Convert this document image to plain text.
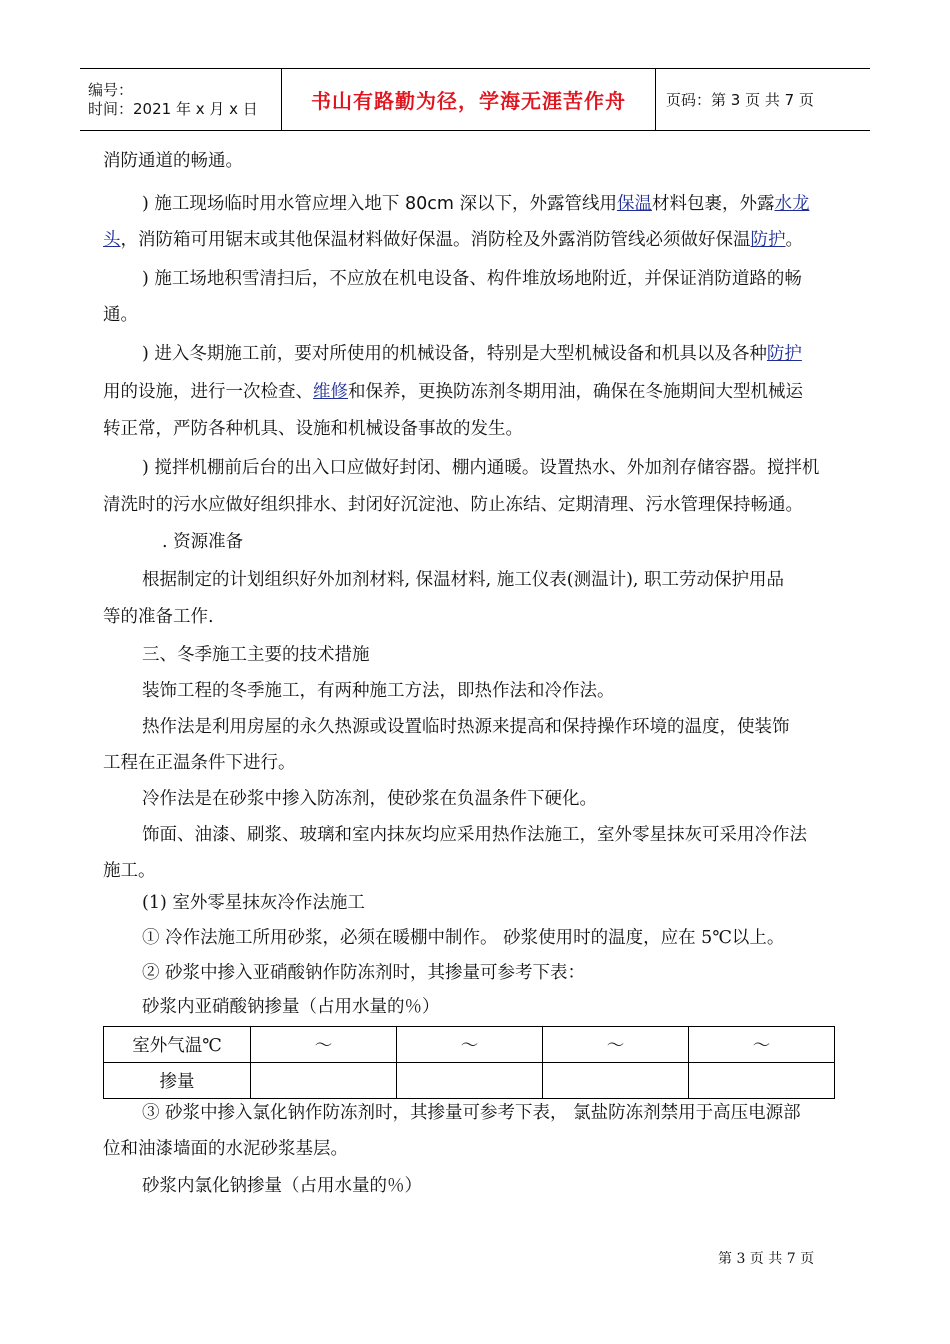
编号：
时间：2021 年 x 月 x 日	书山有路勤为径，学海无涯苦作舟	页码：第 3 页 共 7 页
消防通道的畅通。
) 施工现场临时用水管应埋入地下 80cm 深以下，外露管线用保温材料包裹，外露水龙
头，消防箱可用锯末或其他保温材料做好保温。消防栓及外露消防管线必须做好保温防护。
) 施工场地积雪清扫后，不应放在机电设备、构件堆放场地附近，并保证消防道路的畅
通。
) 进入冬期施工前，要对所使用的机械设备，特别是大型机械设备和机具以及各种防护
用的设施，进行一次检查、维修和保养，更换防冻剂冬期用油，确保在冬施期间大型机械运
转正常，严防各种机具、设施和机械设备事故的发生。
) 搅拌机棚前后台的出入口应做好封闭、棚内通暖。设置热水、外加剂存储容器。搅拌机
清洗时的污水应做好组织排水、封闭好沉淀池、防止冻结、定期清理、污水管理保持畅通。
. 资源准备
根据制定的计划组织好外加剂材料, 保温材料, 施工仪表(测温计), 职工劳动保护用品
等的准备工作.
三、冬季施工主要的技术措施
装饰工程的冬季施工，有两种施工方法，即热作法和冷作法。
热作法是利用房屋的永久热源或设置临时热源来提高和保持操作环境的温度，使装饰
工程在正温条件下进行。
冷作法是在砂浆中掺入防冻剂，使砂浆在负温条件下硬化。
饰面、油漆、刷浆、玻璃和室内抹灰均应采用热作法施工，室外零星抹灰可采用冷作法
施工。
(1) 室外零星抹灰冷作法施工
① 冷作法施工所用砂浆，必须在暖棚中制作。 砂浆使用时的温度，应在 5℃以上。
② 砂浆中掺入亚硝酸钠作防冻剂时，其掺量可参考下表：
砂浆内亚硝酸钠掺量（占用水量的％）
室外气温℃	～	～	～	～
掺量				
③ 砂浆中掺入氯化钠作防冻剂时，其掺量可参考下表， 氯盐防冻剂禁用于高压电源部
位和油漆墙面的水泥砂浆基层。
砂浆内氯化钠掺量（占用水量的％）
第 3 页 共 7 页
